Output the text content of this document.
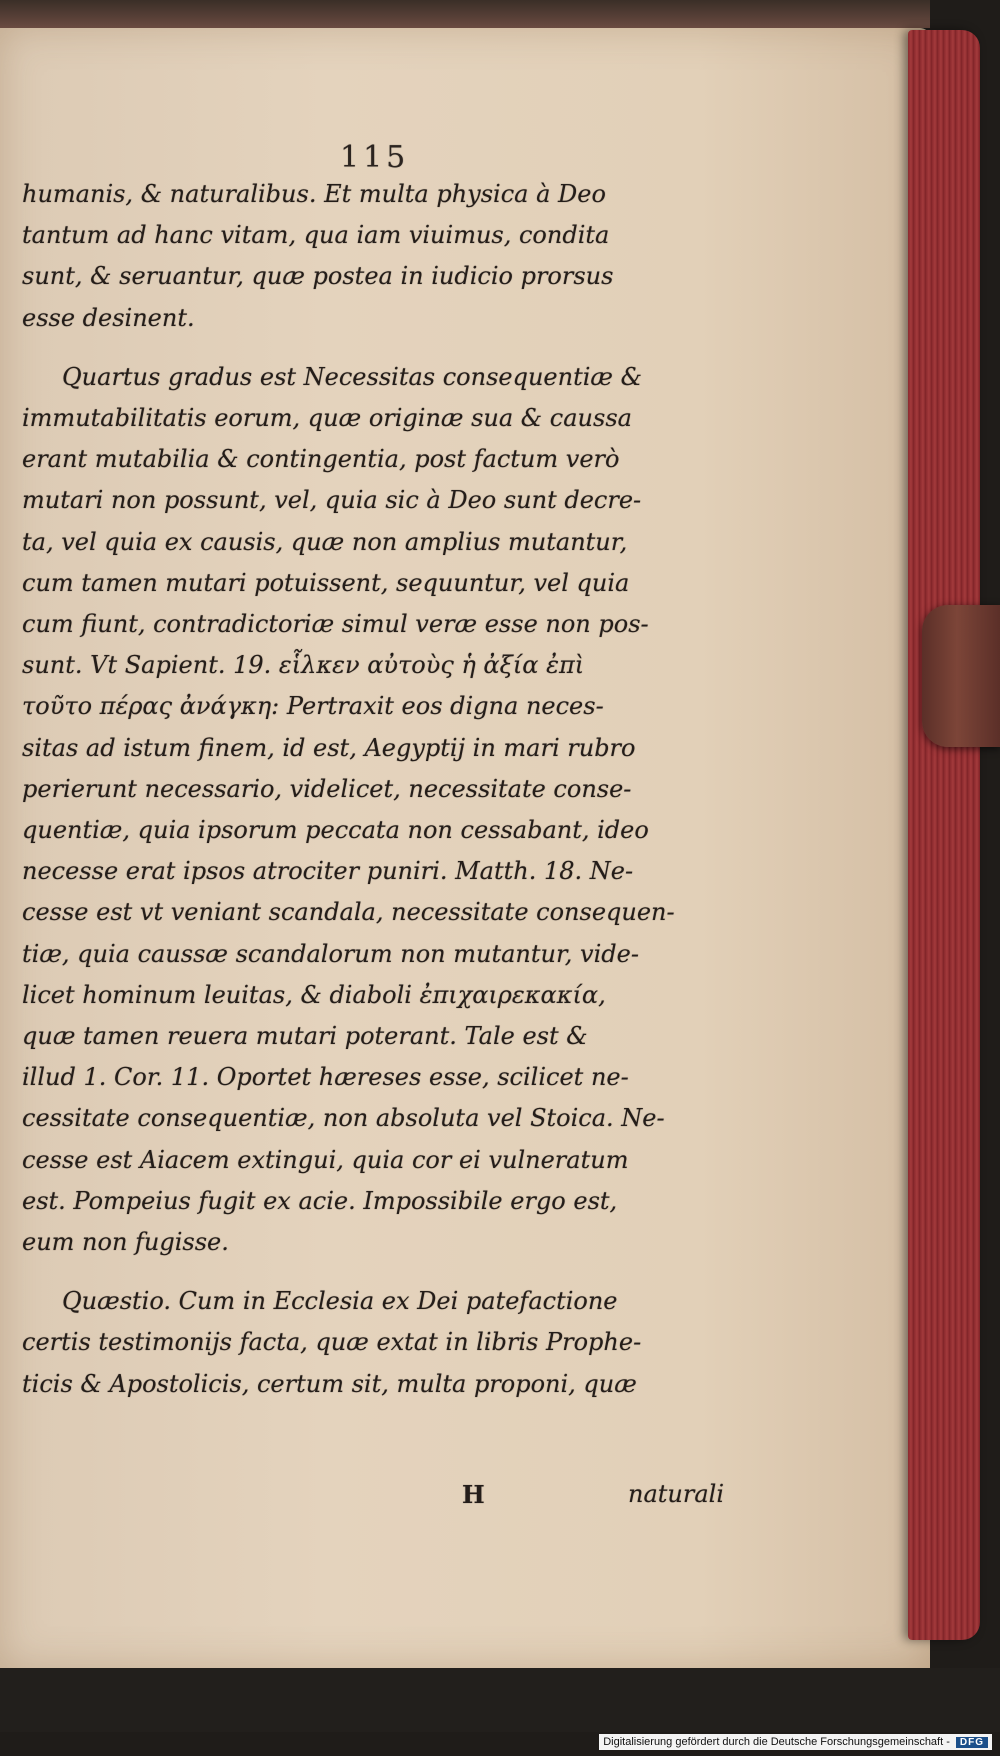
115
humanis, & naturalibus. Et multa physica à Deo
tantum ad hanc vitam, qua iam viuimus, condita
sunt, & seruantur, quæ postea in iudicio prorsus
esse desinent.
Quartus gradus est Necessitas consequentiæ &
immutabilitatis eorum, quæ originæ sua & caussa
erant mutabilia & contingentia, post factum verò
mutari non possunt, vel, quia sic à Deo sunt decre-
ta, vel quia ex causis, quæ non amplius mutantur,
cum tamen mutari potuissent, sequuntur, vel quia
cum fiunt, contradictoriæ simul veræ esse non pos-
sunt. Vt Sapient. 19. εἷλκεν αὐτοὺς ἡ ἀξία ἐπὶ
τοῦτο πέρας ἀνάγκη: Pertraxit eos digna neces-
sitas ad istum finem, id est, Aegyptij in mari rubro
perierunt necessario, videlicet, necessitate conse-
quentiæ, quia ipsorum peccata non cessabant, ideo
necesse erat ipsos atrociter puniri. Matth. 18. Ne-
cesse est vt veniant scandala, necessitate consequen-
tiæ, quia caussæ scandalorum non mutantur, vide-
licet hominum leuitas, & diaboli ἐπιχαιρεκακία,
quæ tamen reuera mutari poterant. Tale est &
illud 1. Cor. 11. Oportet hæreses esse, scilicet ne-
cessitate consequentiæ, non absoluta vel Stoica. Ne-
cesse est Aiacem extingui, quia cor ei vulneratum
est. Pompeius fugit ex acie. Impossibile ergo est,
eum non fugisse.
Quæstio. Cum in Ecclesia ex Dei patefactione
certis testimonijs facta, quæ extat in libris Prophe-
ticis & Apostolicis, certum sit, multa proponi, quæ
H	naturali
Digitalisierung gefördert durch die Deutsche Forschungsgemeinschaft -	DFG
